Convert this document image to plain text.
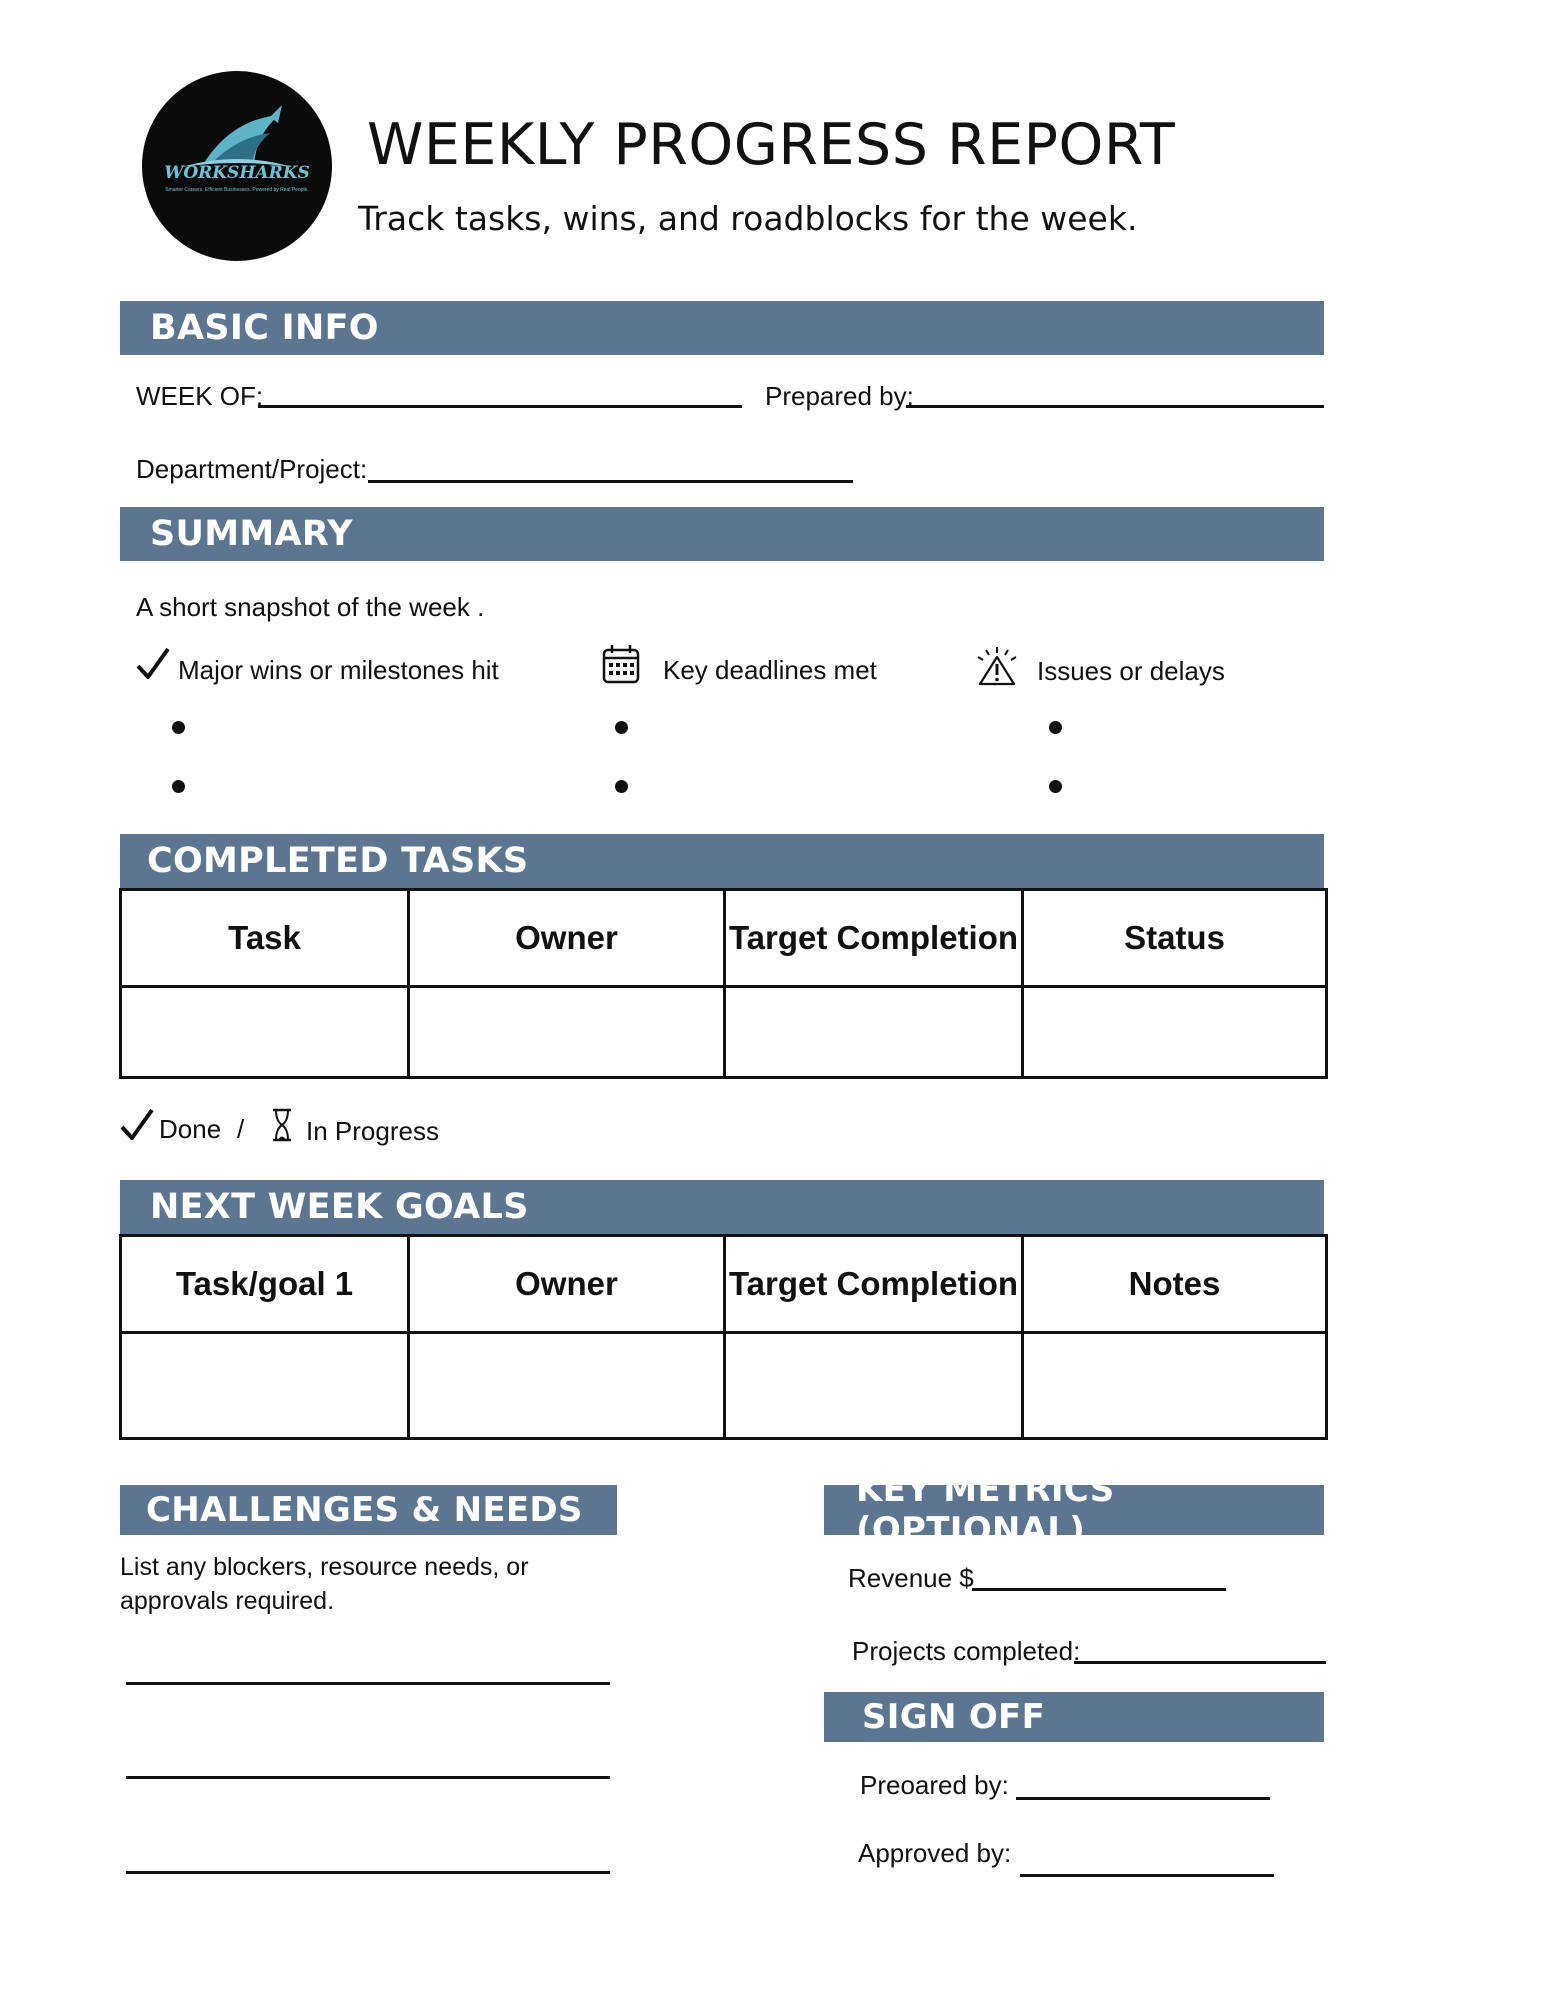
WORKSHARKS
Smarter Careers. Efficient Businesses. Powered by Real People.
WEEKLY PROGRESS REPORT
Track tasks, wins, and roadblocks for the week.
BASIC INFO
WEEK OF:	Prepared by:
Department/Project:
SUMMARY
A short snapshot of the week .
Major wins or milestones hit	Key deadlines met	Issues or delays
COMPLETED TASKS
Task	Owner	Target Completion	Status

Done / In Progress
NEXT WEEK GOALS
Task/goal 1	Owner	Target Completion	Notes

CHALLENGES & NEEDS
List any blockers, resource needs, or approvals required.
KEY METRICS (OPTIONAL)
Revenue $
Projects completed:
SIGN OFF
Preoared by:
Approved by:
